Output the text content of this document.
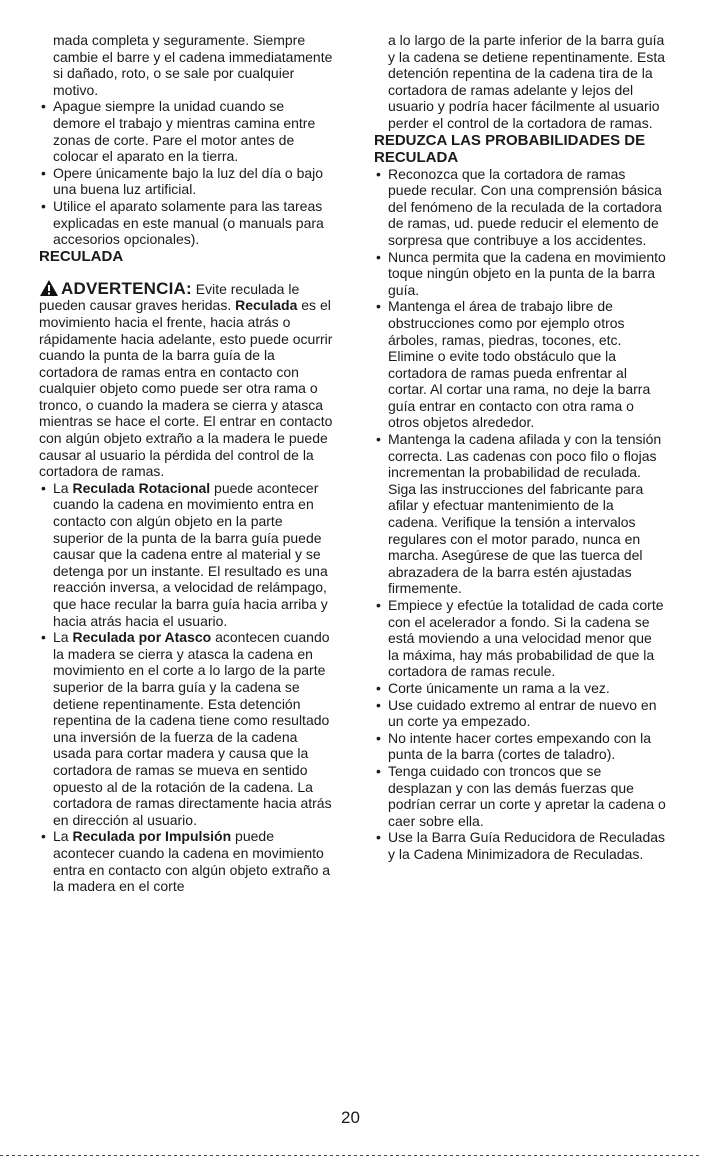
mada completa y seguramente. Siempre cambie el barre y el cadena immediatamente si dañado, roto, o se sale por cualquier motivo.

• Apague siempre la unidad cuando se demore el trabajo y mientras camina entre zonas de corte. Pare el motor antes de colocar el aparato en la tierra.
• Opere únicamente bajo la luz del día o bajo una buena luz artificial.
• Utilice el aparato solamente para las tareas explicadas en este manual (o manuals para accesorios opcionales).

RECULADA

ADVERTENCIA: Evite reculada le pueden causar graves heridas. Reculada es el movimiento hacia el frente, hacia atrás o rápidamente hacia adelante, esto puede ocurrir cuando la punta de la barra guía de la cortadora de ramas entra en contacto con cualquier objeto como puede ser otra rama o tronco, o cuando la madera se cierra y atasca mientras se hace el corte. El entrar en contacto con algún objeto extraño a la madera le puede causar al usuario la pérdida del control de la cortadora de ramas.

• La Reculada Rotacional puede acontecer cuando la cadena en movimiento entra en contacto con algún objeto en la parte superior de la punta de la barra guía puede causar que la cadena entre al material y se detenga por un instante. El resultado es una reacción inversa, a velocidad de relámpago, que hace recular la barra guía hacia arriba y hacia atrás hacia el usuario.
• La Reculada por Atasco acontecen cuando la madera se cierra y atasca la cadena en movimiento en el corte a lo largo de la parte superior de la barra guía y la cadena se detiene repentinamente. Esta detención repentina de la cadena tiene como resultado una inversión de la fuerza de la cadena usada para cortar madera y causa que la cortadora de ramas se mueva en sentido opuesto al de la rotación de la cadena. La cortadora de ramas directamente hacia atrás en dirección al usuario.
• La Reculada por Impulsión puede acontecer cuando la cadena en movimiento entra en contacto con algún objeto extraño a la madera en el corte

a lo largo de la parte inferior de la barra guía y la cadena se detiene repentinamente. Esta detención repentina de la cadena tira de la cortadora de ramas adelante y lejos del usuario y podría hacer fácilmente al usuario perder el control de la cortadora de ramas.

REDUZCA LAS PROBABILIDADES DE RECULADA

• Reconozca que la cortadora de ramas puede recular. Con una comprensión básica del fenómeno de la reculada de la cortadora de ramas, ud. puede reducir el elemento de sorpresa que contribuye a los accidentes.
• Nunca permita que la cadena en movimiento toque ningún objeto en la punta de la barra guía.
• Mantenga el área de trabajo libre de obstrucciones como por ejemplo otros árboles, ramas, piedras, tocones, etc. Elimine o evite todo obstáculo que la cortadora de ramas pueda enfrentar al cortar. Al cortar una rama, no deje la barra guía entrar en contacto con otra rama o otros objetos alrededor.
• Mantenga la cadena afilada y con la tensión correcta. Las cadenas con poco filo o flojas incrementan la probabilidad de reculada. Siga las instrucciones del fabricante para afilar y efectuar mantenimiento de la cadena. Verifique la tensión a intervalos regulares con el motor parado, nunca en marcha. Asegúrese de que las tuerca del abrazadera de la barra estén ajustadas firmemente.
• Empiece y efectúe la totalidad de cada corte con el acelerador a fondo. Si la cadena se está moviendo a una velocidad menor que la máxima, hay más probabilidad de que la cortadora de ramas recule.
• Corte únicamente un rama a la vez.
• Use cuidado extremo al entrar de nuevo en un corte ya empezado.
• No intente hacer cortes empexando con la punta de la barra (cortes de taladro).
• Tenga cuidado con troncos que se desplazan y con las demás fuerzas que podrían cerrar un corte y apretar la cadena o caer sobre ella.
• Use la Barra Guía Reducidora de Reculadas y la Cadena Minimizadora de Reculadas.
20
